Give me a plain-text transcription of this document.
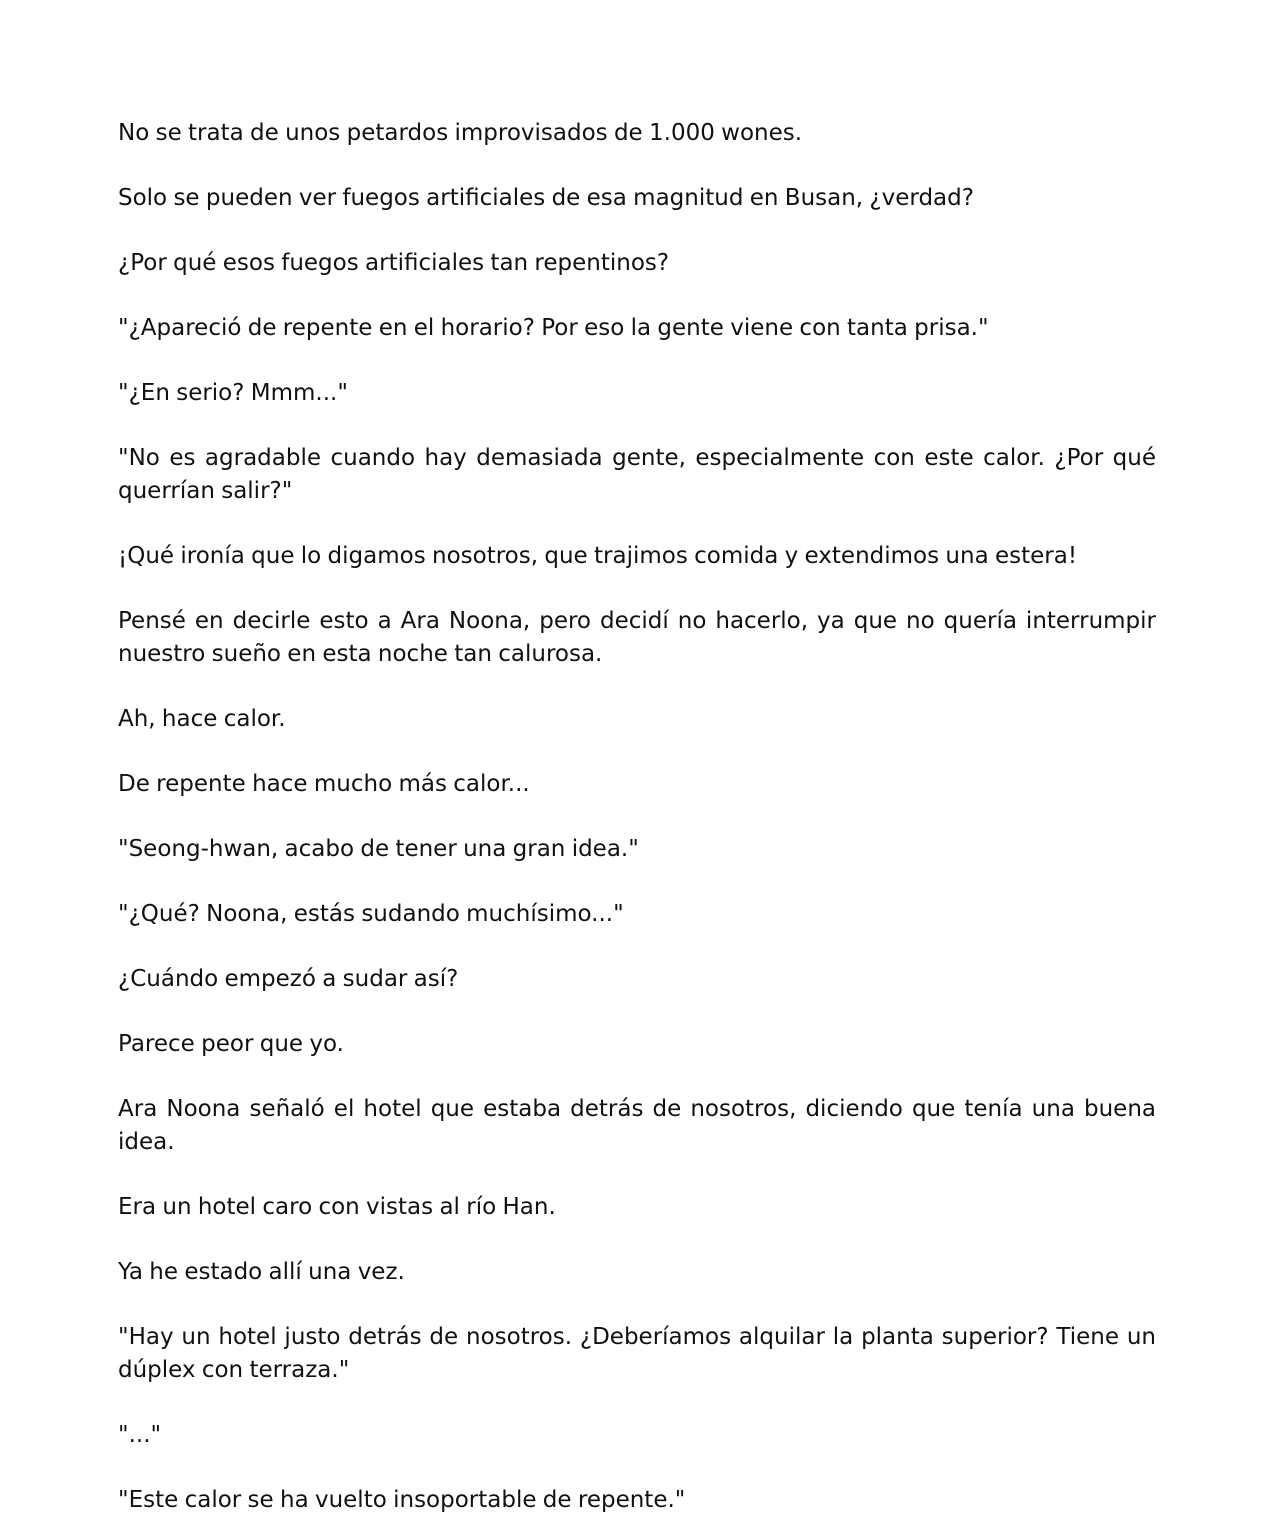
No se trata de unos petardos improvisados de 1.000 wones.

Solo se pueden ver fuegos artificiales de esa magnitud en Busan, ¿verdad?

¿Por qué esos fuegos artificiales tan repentinos?

"¿Apareció de repente en el horario? Por eso la gente viene con tanta prisa."

"¿En serio? Mmm..."

"No es agradable cuando hay demasiada gente, especialmente con este calor. ¿Por qué querrían salir?"

¡Qué ironía que lo digamos nosotros, que trajimos comida y extendimos una estera!

Pensé en decirle esto a Ara Noona, pero decidí no hacerlo, ya que no quería interrumpir nuestro sueño en esta noche tan calurosa.

Ah, hace calor.

De repente hace mucho más calor...

"Seong-hwan, acabo de tener una gran idea."

"¿Qué? Noona, estás sudando muchísimo..."

¿Cuándo empezó a sudar así?

Parece peor que yo.

Ara Noona señaló el hotel que estaba detrás de nosotros, diciendo que tenía una buena idea.

Era un hotel caro con vistas al río Han.

Ya he estado allí una vez.

"Hay un hotel justo detrás de nosotros. ¿Deberíamos alquilar la planta superior? Tiene un dúplex con terraza."

"..."

"Este calor se ha vuelto insoportable de repente."
